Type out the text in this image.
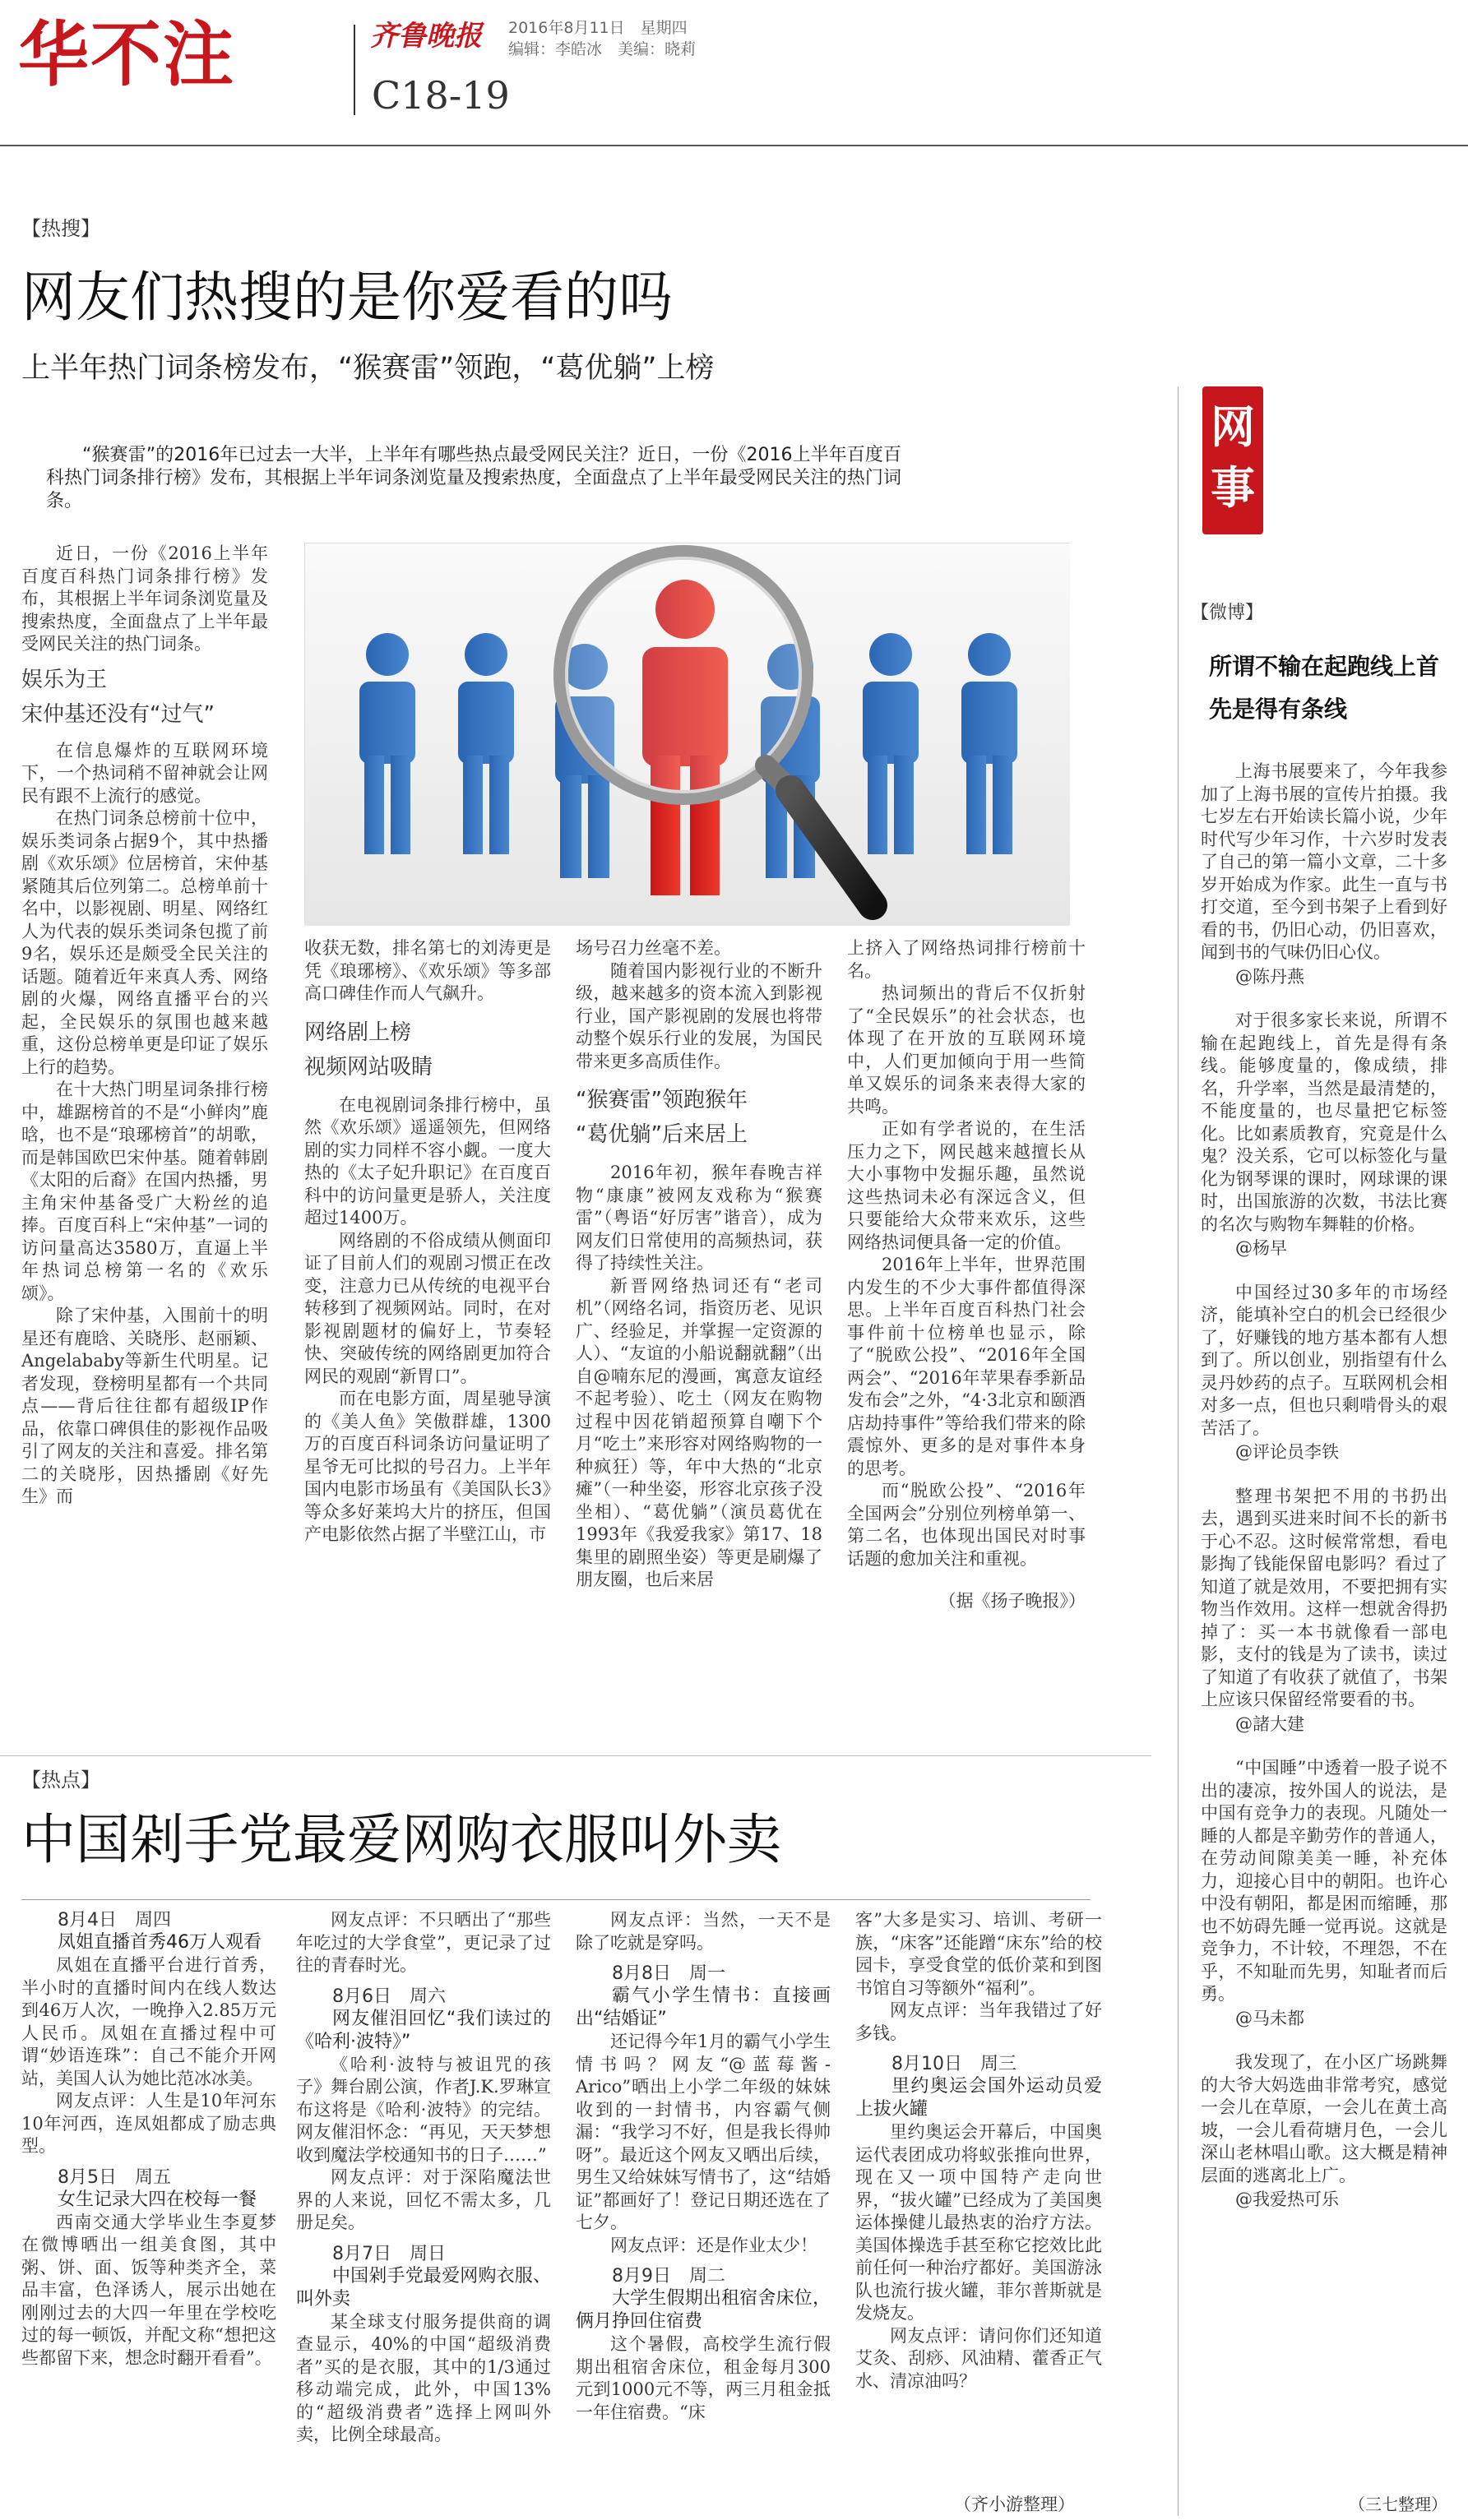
华不注	齐鲁晚报 2016年8月11日　星期四
编辑：李皓冰　美编：晓莉
C18-19
【热搜】
网友们热搜的是你爱看的吗
上半年热门词条榜发布，“猴赛雷”领跑，“葛优躺”上榜
“猴赛雷”的2016年已过去一大半，上半年有哪些热点最受网民关注？近日，一份《2016上半年百度百科热门词条排行榜》发布，其根据上半年词条浏览量及搜索热度，全面盘点了上半年最受网民关注的热门词条。

近日，一份《2016上半年百度百科热门词条排行榜》发布，其根据上半年词条浏览量及搜索热度，全面盘点了上半年最受网民关注的热门词条。

娱乐为王
宋仲基还没有“过气”

在信息爆炸的互联网环境下，一个热词稍不留神就会让网民有跟不上流行的感觉。

在热门词条总榜前十位中，娱乐类词条占据9个，其中热播剧《欢乐颂》位居榜首，宋仲基紧随其后位列第二。总榜单前十名中，以影视剧、明星、网络红人为代表的娱乐类词条包揽了前9名，娱乐还是颇受全民关注的话题。随着近年来真人秀、网络剧的火爆，网络直播平台的兴起，全民娱乐的氛围也越来越重，这份总榜单更是印证了娱乐上行的趋势。

在十大热门明星词条排行榜中，雄踞榜首的不是“小鲜肉”鹿晗，也不是“琅琊榜首”的胡歌，而是韩国欧巴宋仲基。随着韩剧《太阳的后裔》在国内热播，男主角宋仲基备受广大粉丝的追捧。百度百科上“宋仲基”一词的访问量高达3580万，直逼上半年热词总榜第一名的《欢乐颂》。

除了宋仲基，入围前十的明星还有鹿晗、关晓彤、赵丽颖、Angelababy等新生代明星。记者发现，登榜明星都有一个共同点——背后往往都有超级IP作品，依靠口碑俱佳的影视作品吸引了网友的关注和喜爱。排名第二的关晓彤，因热播剧《好先生》而

收获无数，排名第七的刘涛更是凭《琅琊榜》、《欢乐颂》等多部高口碑佳作而人气飙升。

网络剧上榜
视频网站吸睛

在电视剧词条排行榜中，虽然《欢乐颂》遥遥领先，但网络剧的实力同样不容小觑。一度大热的《太子妃升职记》在百度百科中的访问量更是骄人，关注度超过1400万。

网络剧的不俗成绩从侧面印证了目前人们的观剧习惯正在改变，注意力已从传统的电视平台转移到了视频网站。同时，在对影视剧题材的偏好上，节奏轻快、突破传统的网络剧更加符合网民的观剧“新胃口”。

而在电影方面，周星驰导演的《美人鱼》笑傲群雄，1300万的百度百科词条访问量证明了星爷无可比拟的号召力。上半年国内电影市场虽有《美国队长3》等众多好莱坞大片的挤压，但国产电影依然占据了半壁江山，市

场号召力丝毫不差。

随着国内影视行业的不断升级，越来越多的资本流入到影视行业，国产影视剧的发展也将带动整个娱乐行业的发展，为国民带来更多高质佳作。

“猴赛雷”领跑猴年
“葛优躺”后来居上

2016年初，猴年春晚吉祥物“康康”被网友戏称为“猴赛雷”（粤语“好厉害”谐音），成为网友们日常使用的高频热词，获得了持续性关注。

新晋网络热词还有“老司机”（网络名词，指资历老、见识广、经验足，并掌握一定资源的人）、“友谊的小船说翻就翻”（出自@喃东尼的漫画，寓意友谊经不起考验）、吃土（网友在购物过程中因花销超预算自嘲下个月“吃土”来形容对网络购物的一种疯狂）等，年中大热的“北京瘫”（一种坐姿，形容北京孩子没坐相）、“葛优躺”（演员葛优在1993年《我爱我家》第17、18集里的剧照坐姿）等更是刷爆了朋友圈，也后来居

上挤入了网络热词排行榜前十名。

热词频出的背后不仅折射了“全民娱乐”的社会状态，也体现了在开放的互联网环境中，人们更加倾向于用一些简单又娱乐的词条来表得大家的共鸣。

正如有学者说的，在生活压力之下，网民越来越擅长从大小事物中发掘乐趣，虽然说这些热词未必有深远含义，但只要能给大众带来欢乐，这些网络热词便具备一定的价值。

2016年上半年，世界范围内发生的不少大事件都值得深思。上半年百度百科热门社会事件前十位榜单也显示，除了“脱欧公投”、“2016年全国两会”、“2016年苹果春季新品发布会”之外，“4·3北京和颐酒店劫持事件”等给我们带来的除震惊外、更多的是对事件本身的思考。

而“脱欧公投”、“2016年全国两会”分别位列榜单第一、第二名，也体现出国民对时事话题的愈加关注和重视。

（据《扬子晚报》）
【热点】
中国剁手党最爱网购衣服叫外卖
8月4日　周四
凤姐直播首秀46万人观看
凤姐在直播平台进行首秀，半小时的直播时间内在线人数达到46万人次，一晚挣入2.85万元人民币。凤姐在直播过程中可谓“妙语连珠”：自己不能介开网站，美国人认为她比范冰冰美。
网友点评：人生是10年河东10年河西，连凤姐都成了励志典型。
8月5日　周五
女生记录大四在校每一餐
西南交通大学毕业生李夏梦在微博晒出一组美食图，其中粥、饼、面、饭等种类齐全，菜品丰富，色泽诱人，展示出她在刚刚过去的大四一年里在学校吃过的每一顿饭，并配文称“想把这些都留下来，想念时翻开看看”。
网友点评：不只晒出了“那些年吃过的大学食堂”，更记录了过往的青春时光。
8月6日　周六
网友催泪回忆“我们读过的《哈利·波特》”
《哈利·波特与被诅咒的孩子》舞台剧公演，作者J.K.罗琳宣布这将是《哈利·波特》的完结。网友催泪怀念：“再见，天天梦想收到魔法学校通知书的日子……”
网友点评：对于深陷魔法世界的人来说，回忆不需太多，几册足矣。
8月7日　周日
中国剁手党最爱网购衣服、叫外卖
某全球支付服务提供商的调查显示，40%的中国“超级消费者”买的是衣服，其中的1/3通过移动端完成，此外，中国13%的“超级消费者”选择上网叫外卖，比例全球最高。
网友点评：当然，一天不是除了吃就是穿吗。
8月8日　周一
霸气小学生情书：直接画出“结婚证”
还记得今年1月的霸气小学生情书吗？网友“@蓝莓酱-Arico”晒出上小学二年级的妹妹收到的一封情书，内容霸气侧漏：“我学习不好，但是我长得帅呀”。最近这个网友又晒出后续，男生又给妹妹写情书了，这“结婚证”都画好了！登记日期还选在了七夕。
网友点评：还是作业太少！
8月9日　周二
大学生假期出租宿舍床位，俩月挣回住宿费
这个暑假，高校学生流行假期出租宿舍床位，租金每月300元到1000元不等，两三月租金抵一年住宿费。“床
客”大多是实习、培训、考研一族，“床客”还能蹭“床东”给的校园卡，享受食堂的低价菜和到图书馆自习等额外“福利”。
网友点评：当年我错过了好多钱。
8月10日　周三
里约奥运会国外运动员爱上拔火罐
里约奥运会开幕后，中国奥运代表团成功将蚁张推向世界，现在又一项中国特产走向世界，“拔火罐”已经成为了美国奥运体操健儿最热衷的治疗方法。美国体操选手甚至称它挖效比此前任何一种治疗都好。美国游泳队也流行拔火罐，菲尔普斯就是发烧友。
网友点评：请问你们还知道艾灸、刮痧、风油精、藿香正气水、清凉油吗？
（齐小游整理）
网
事
【微博】
所谓不输在起跑线上首先是得有条线

上海书展要来了，今年我参加了上海书展的宣传片拍摄。我七岁左右开始读长篇小说，少年时代写少年习作，十六岁时发表了自己的第一篇小文章，二十多岁开始成为作家。此生一直与书打交道，至今到书架子上看到好看的书，仍旧心动，仍旧喜欢，闻到书的气味仍旧心仪。

@陈丹燕

对于很多家长来说，所谓不输在起跑线上，首先是得有条线。能够度量的，像成绩，排名，升学率，当然是最清楚的，不能度量的，也尽量把它标签化。比如素质教育，究竟是什么鬼？没关系，它可以标签化与量化为钢琴课的课时，网球课的课时，出国旅游的次数，书法比赛的名次与购物车舞鞋的价格。

@杨早

中国经过30多年的市场经济，能填补空白的机会已经很少了，好赚钱的地方基本都有人想到了。所以创业，别指望有什么灵丹妙药的点子。互联网机会相对多一点，但也只剩啃骨头的艰苦活了。

@评论员李铁

整理书架把不用的书扔出去，遇到买进来时间不长的新书于心不忍。这时候常常想，看电影掏了钱能保留电影吗？看过了知道了就是效用，不要把拥有实物当作效用。这样一想就舍得扔掉了：买一本书就像看一部电影，支付的钱是为了读书，读过了知道了有收获了就值了，书架上应该只保留经常要看的书。

@諸大建

“中国睡”中透着一股子说不出的凄凉，按外国人的说法，是中国有竞争力的表现。凡随处一睡的人都是辛勤劳作的普通人，在劳动间隙美美一睡，补充体力，迎接心目中的朝阳。也许心中没有朝阳，都是困而缩睡，那也不妨碍先睡一觉再说。这就是竞争力，不计较，不理怨，不在乎，不知耻而先男，知耻者而后勇。

@马未都

我发现了，在小区广场跳舞的大爷大妈选曲非常考究，感觉一会儿在草原，一会儿在黄土高坡，一会儿看荷塘月色，一会儿深山老林唱山歌。这大概是精神层面的逃离北上广。

@我爱热可乐
（三七整理）
